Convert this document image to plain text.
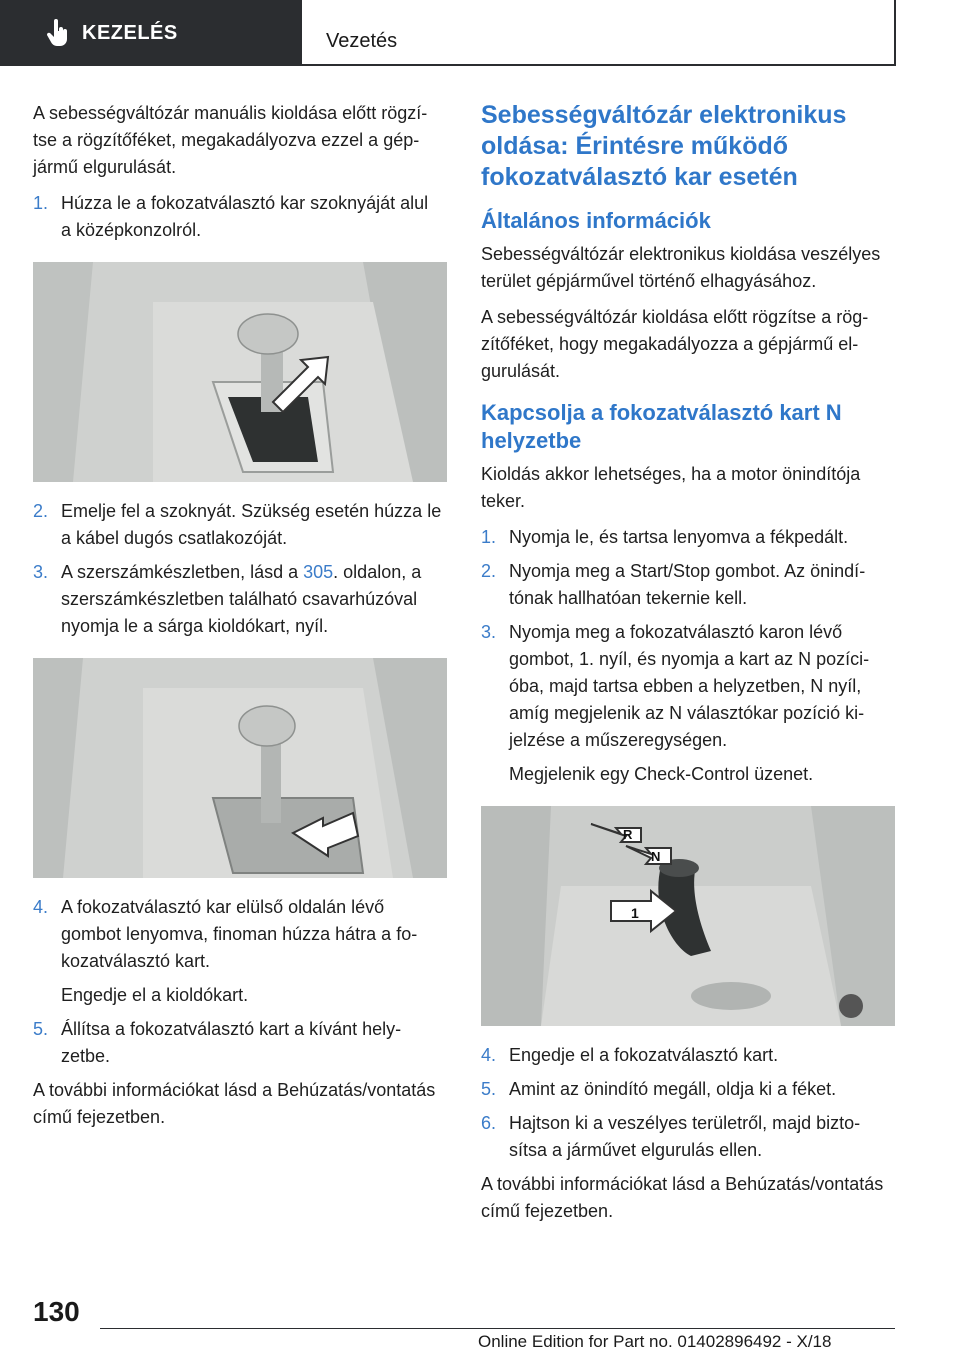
KEZELÉS	Vezetés

A sebességváltózár manuális kioldása előtt rögzítse a rögzítőféket, megakadályozva ezzel a gépjármű elgurulását.

1. Húzza le a fokozatválasztó kar szoknyáját alul a középkonzolról.
2. Emelje fel a szoknyát. Szükség esetén húzza le a kábel dugós csatlakozóját.
3. A szerszámkészletben, lásd a 305. oldalon, a szerszámkészletben található csavarhúzóval nyomja le a sárga kioldókart, nyíl.
4. A fokozatválasztó kar elülső oldalán lévő gombot lenyomva, finoman húzza hátra a fokozatválasztó kart.
Engedje el a kioldókart.
5. Állítsa a fokozatválasztó kart a kívánt helyzetbe.

A további információkat lásd a Behúzatás/vontatás című fejezetben.

Sebességváltózár elektronikus oldása: Érintésre működő fokozatválasztó kar esetén
Általános információk

Sebességváltózár elektronikus kioldása veszélyes terület gépjárművel történő elhagyásához.

A sebességváltózár kioldása előtt rögzítse a rögzítőféket, hogy megakadályozza a gépjármű elgurulását.

Kapcsolja a fokozatválasztó kart N helyzetbe

Kioldás akkor lehetséges, ha a motor önindítója teker.

1. Nyomja le, és tartsa lenyomva a fékpedált.
2. Nyomja meg a Start/Stop gombot. Az önindítónak hallhatóan tekernie kell.
3. Nyomja meg a fokozatválasztó karon lévő gombot, 1. nyíl, és nyomja a kart az N pozícióba, majd tartsa ebben a helyzetben, N nyíl, amíg megjelenik az N választókar pozíció kijelzése a műszeregységen.
Megjelenik egy Check-Control üzenet.
R
N
1
4. Engedje el a fokozatválasztó kart.
5. Amint az önindító megáll, oldja ki a féket.
6. Hajtson ki a veszélyes területről, majd biztosítsa a járművet elgurulás ellen.

A további információkat lásd a Behúzatás/vontatás című fejezetben.

130
Online Edition for Part no. 01402896492 - X/18
